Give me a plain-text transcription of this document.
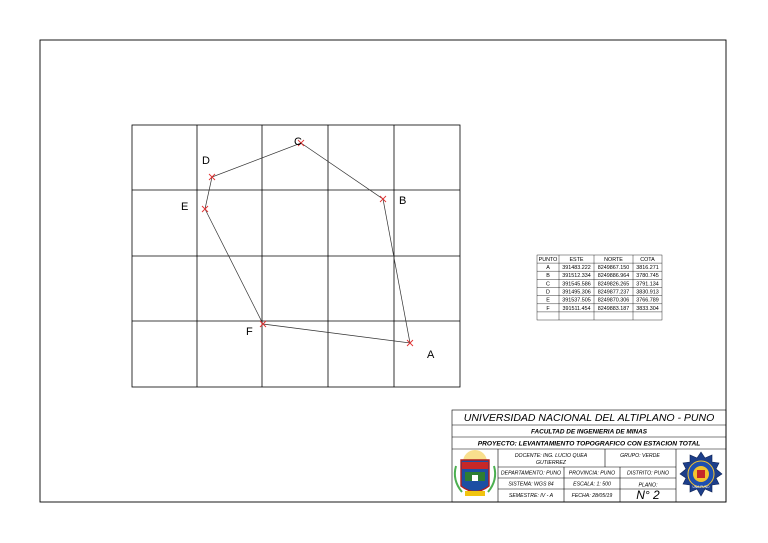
A
B
C
D
E
F
PUNTO ESTE	NORTE	COTA
A 391483.222 8249867.150 3816.271
B 391512.334 8249886.964 3780.745
C 391545.586 8249826.265 3791.134
D 391495.306 8249877.237 3830.913
E 391537.505 8249870.306 3766.789
F 391511.454 8249883.187 3833.304
UNIVERSIDAD NACIONAL DEL ALTIPLANO - PUNO
FACULTAD DE INGENIERIA DE MINAS
PROYECTO: LEVANTAMIENTO TOPOGRAFICO CON ESTACION TOTAL
DOCENTE: ING. LUCIO QUEA
GUTIERREZ
GRUPO: VERDE
DEPARTAMENTO: PUNO PROVINCIA: PUNO DISTRITO: PUNO
SISTEMA: WGS 84	ESCALA: 1: 500	PLANO:
SEMESTRE: IV - A	FECHA: 28/05/19 N° 2
UNA-PUNO
